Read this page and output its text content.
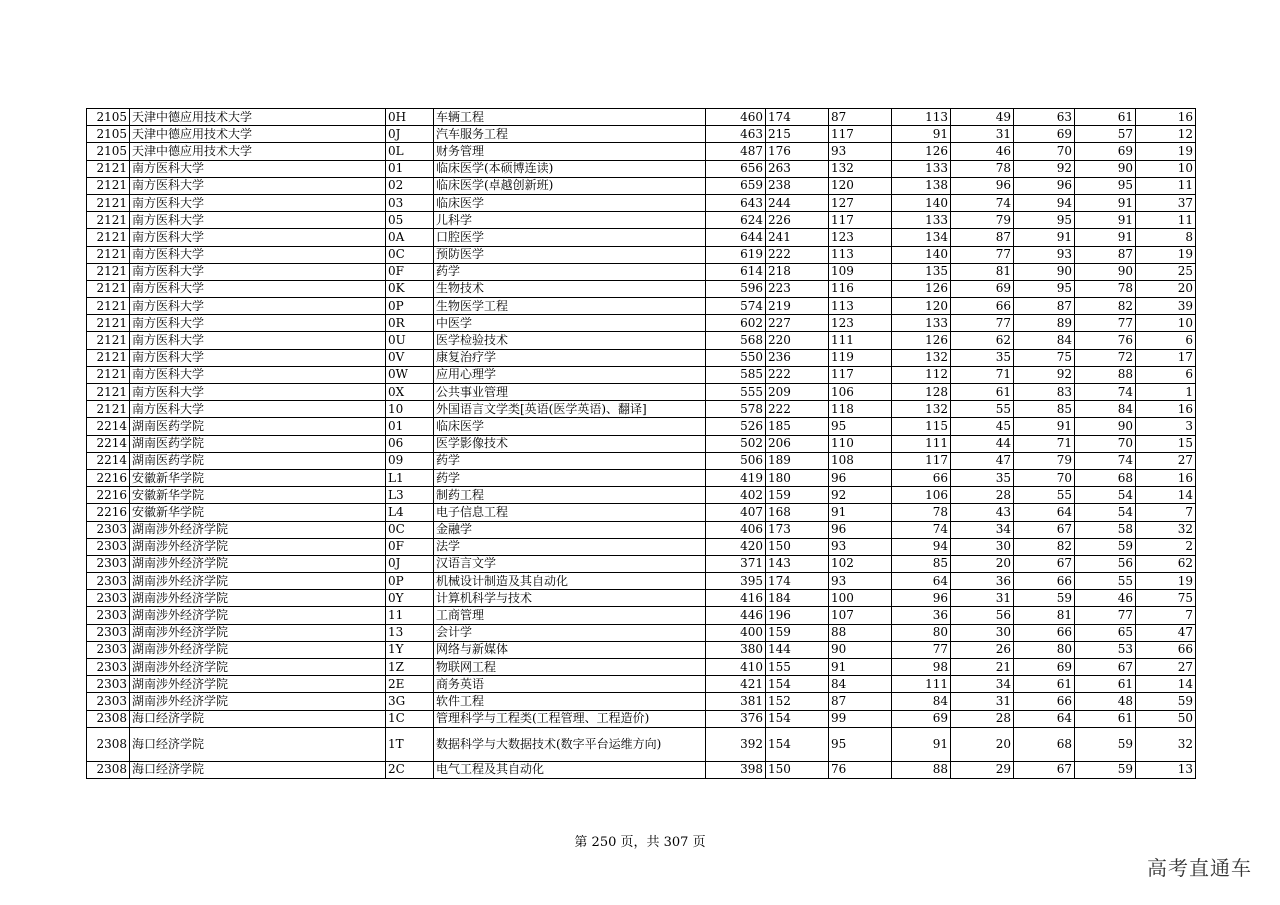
2105	天津中德应用技术大学	0H	车辆工程	460	174	87	113	49	63	61	16
2105	天津中德应用技术大学	0J	汽车服务工程	463	215	117	91	31	69	57	12
2105	天津中德应用技术大学	0L	财务管理	487	176	93	126	46	70	69	19
2121	南方医科大学	01	临床医学(本硕博连读)	656	263	132	133	78	92	90	10
2121	南方医科大学	02	临床医学(卓越创新班)	659	238	120	138	96	96	95	11
2121	南方医科大学	03	临床医学	643	244	127	140	74	94	91	37
2121	南方医科大学	05	儿科学	624	226	117	133	79	95	91	11
2121	南方医科大学	0A	口腔医学	644	241	123	134	87	91	91	8
2121	南方医科大学	0C	预防医学	619	222	113	140	77	93	87	19
2121	南方医科大学	0F	药学	614	218	109	135	81	90	90	25
2121	南方医科大学	0K	生物技术	596	223	116	126	69	95	78	20
2121	南方医科大学	0P	生物医学工程	574	219	113	120	66	87	82	39
2121	南方医科大学	0R	中医学	602	227	123	133	77	89	77	10
2121	南方医科大学	0U	医学检验技术	568	220	111	126	62	84	76	6
2121	南方医科大学	0V	康复治疗学	550	236	119	132	35	75	72	17
2121	南方医科大学	0W	应用心理学	585	222	117	112	71	92	88	6
2121	南方医科大学	0X	公共事业管理	555	209	106	128	61	83	74	1
2121	南方医科大学	10	外国语言文学类[英语(医学英语)、翻译]	578	222	118	132	55	85	84	16
2214	湖南医药学院	01	临床医学	526	185	95	115	45	91	90	3
2214	湖南医药学院	06	医学影像技术	502	206	110	111	44	71	70	15
2214	湖南医药学院	09	药学	506	189	108	117	47	79	74	27
2216	安徽新华学院	L1	药学	419	180	96	66	35	70	68	16
2216	安徽新华学院	L3	制药工程	402	159	92	106	28	55	54	14
2216	安徽新华学院	L4	电子信息工程	407	168	91	78	43	64	54	7
2303	湖南涉外经济学院	0C	金融学	406	173	96	74	34	67	58	32
2303	湖南涉外经济学院	0F	法学	420	150	93	94	30	82	59	2
2303	湖南涉外经济学院	0J	汉语言文学	371	143	102	85	20	67	56	62
2303	湖南涉外经济学院	0P	机械设计制造及其自动化	395	174	93	64	36	66	55	19
2303	湖南涉外经济学院	0Y	计算机科学与技术	416	184	100	96	31	59	46	75
2303	湖南涉外经济学院	11	工商管理	446	196	107	36	56	81	77	7
2303	湖南涉外经济学院	13	会计学	400	159	88	80	30	66	65	47
2303	湖南涉外经济学院	1Y	网络与新媒体	380	144	90	77	26	80	53	66
2303	湖南涉外经济学院	1Z	物联网工程	410	155	91	98	21	69	67	27
2303	湖南涉外经济学院	2E	商务英语	421	154	84	111	34	61	61	14
2303	湖南涉外经济学院	3G	软件工程	381	152	87	84	31	66	48	59
2308	海口经济学院	1C	管理科学与工程类(工程管理、工程造价)	376	154	99	69	28	64	61	50
2308	海口经济学院	1T	数据科学与大数据技术(数字平台运维方向)	392	154	95	91	20	68	59	32
2308	海口经济学院	2C	电气工程及其自动化	398	150	76	88	29	67	59	13
第 250 页，共 307 页
高考直通车
